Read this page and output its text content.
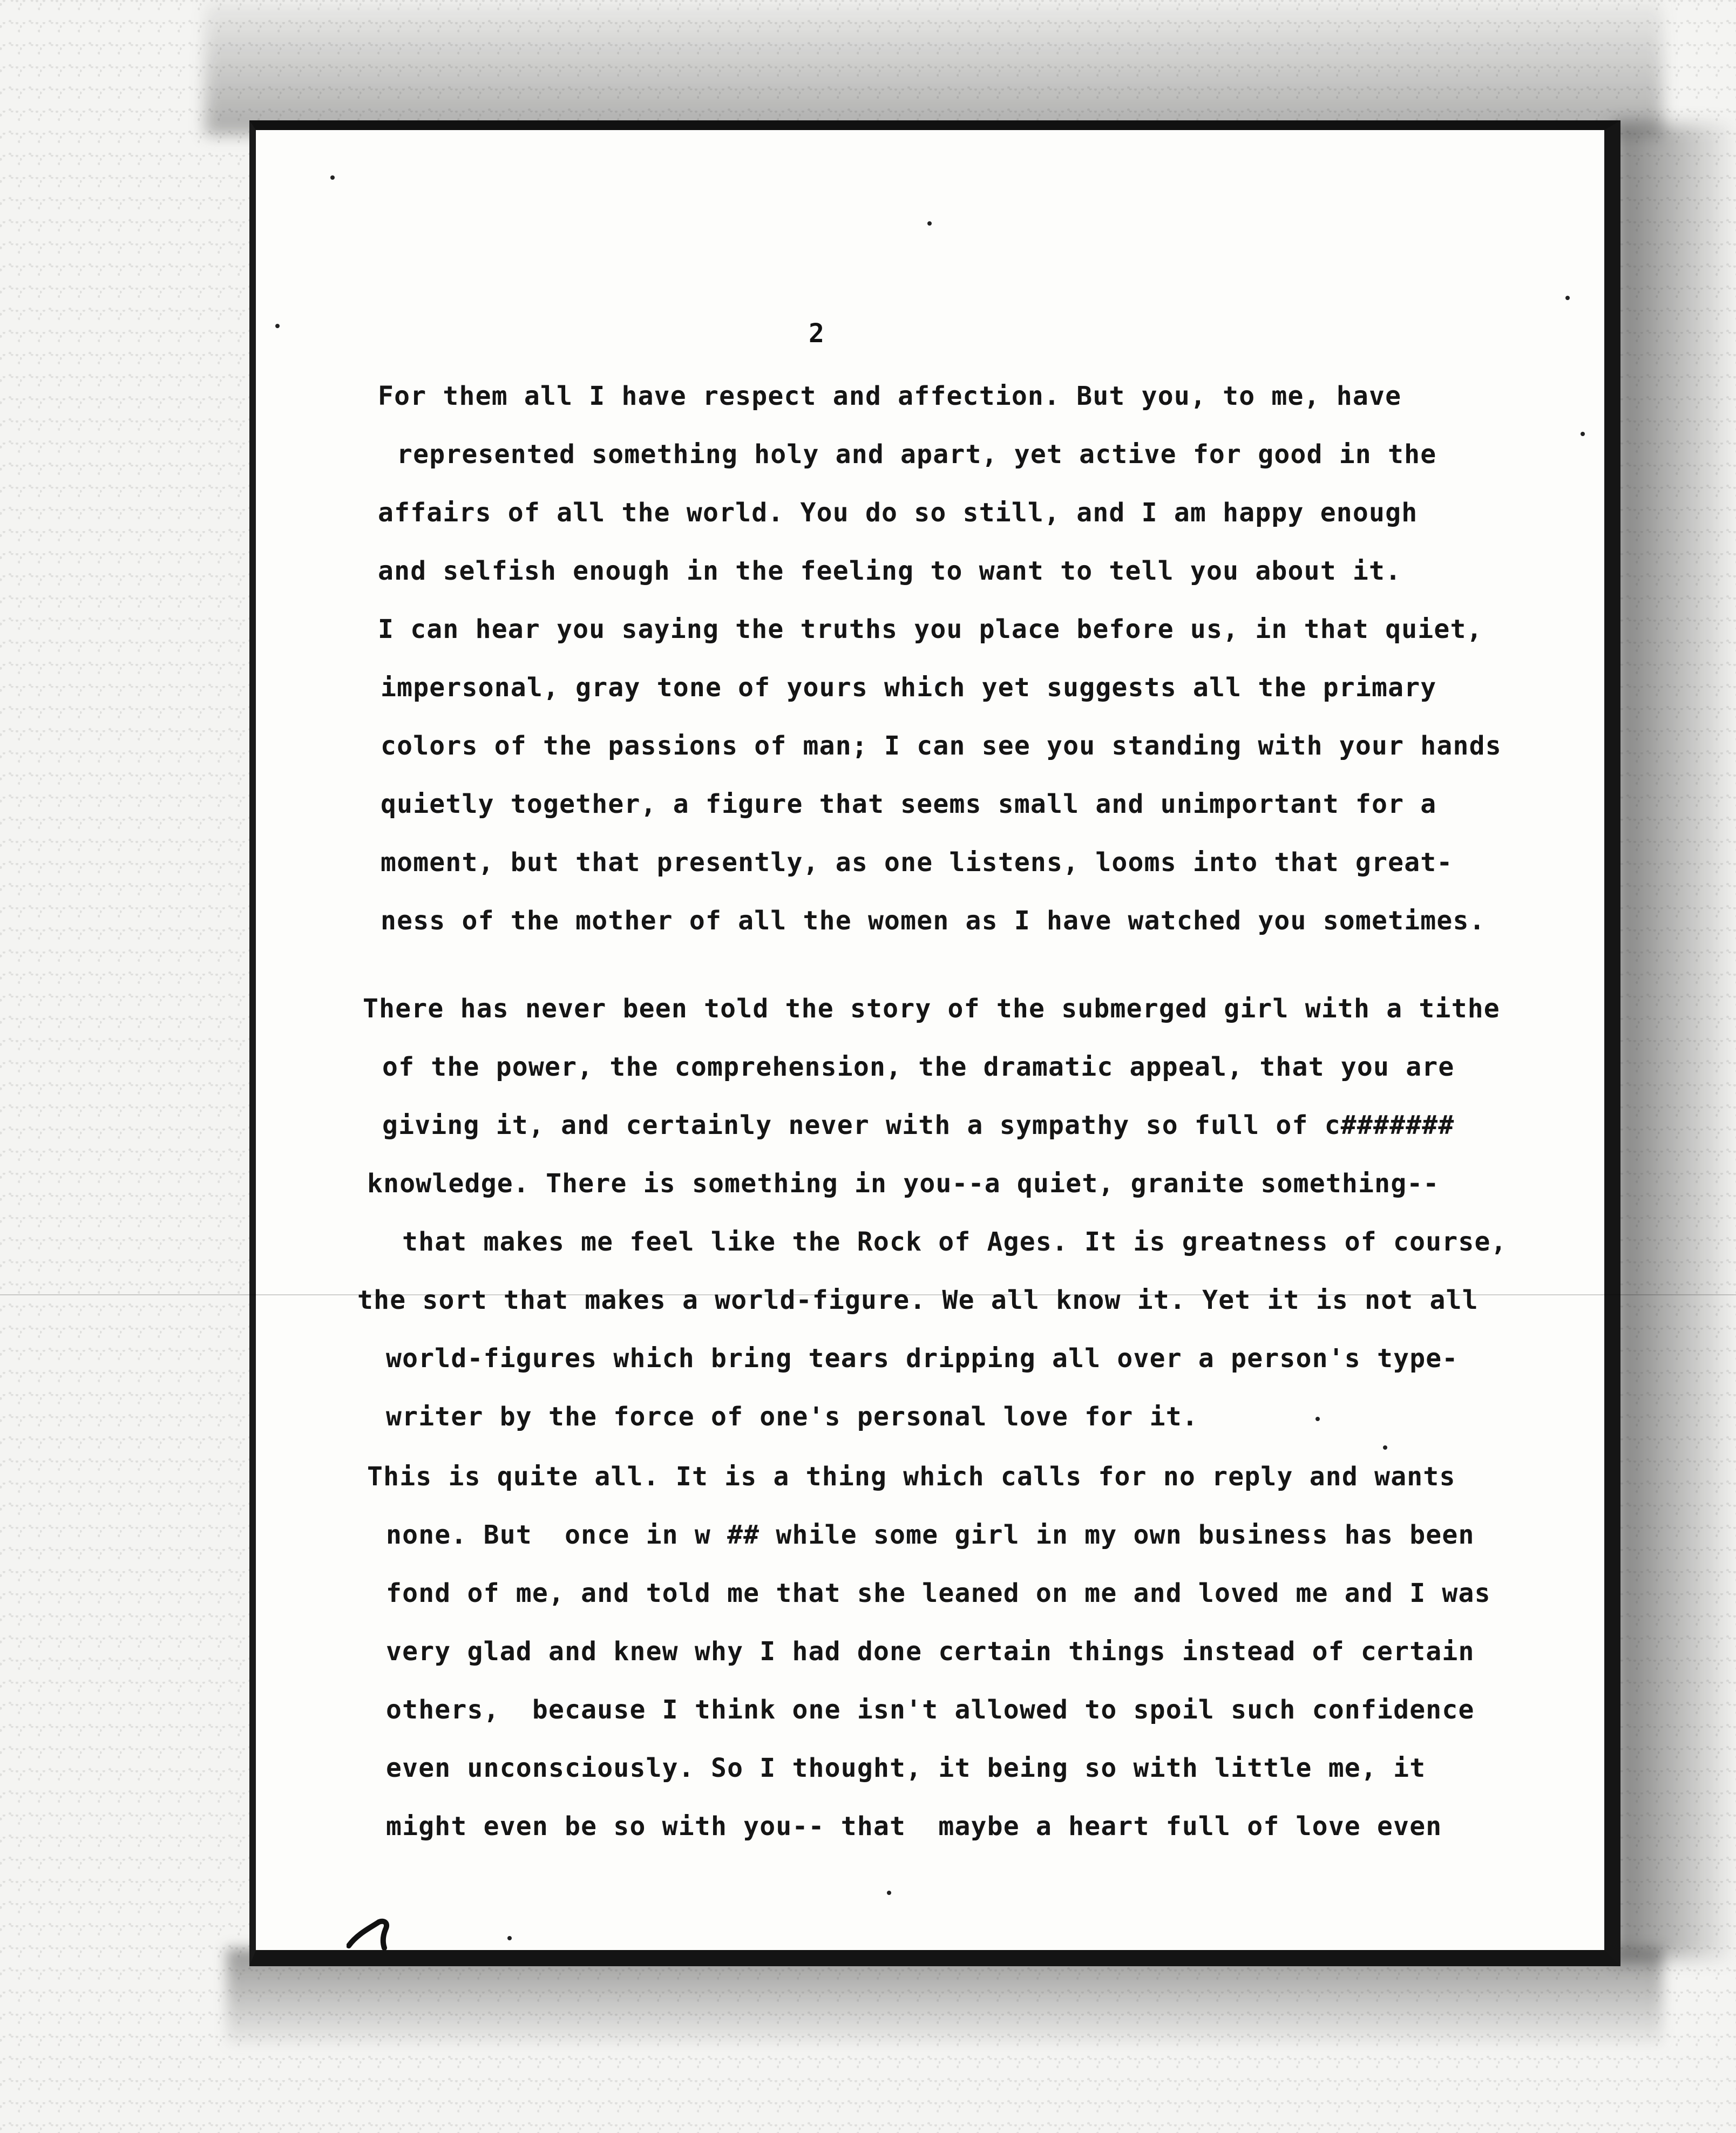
2
For them all I have respect and affection. But you, to me, have
represented something holy and apart, yet active for good in the
affairs of all the world. You do so still, and I am happy enough
and selfish enough in the feeling to want to tell you about it.
I can hear you saying the truths you place before us, in that quiet,
impersonal, gray tone of yours which yet suggests all the primary
colors of the passions of man; I can see you standing with your hands
quietly together, a figure that seems small and unimportant for a
moment, but that presently, as one listens, looms into that great-
ness of the mother of all the women as I have watched you sometimes.
There has never been told the story of the submerged girl with a tithe
of the power, the comprehension, the dramatic appeal, that you are
giving it, and certainly never with a sympathy so full of c#######
knowledge. There is something in you--a quiet, granite something--
that makes me feel like the Rock of Ages. It is greatness of course,
the sort that makes a world-figure. We all know it. Yet it is not all
world-figures which bring tears dripping all over a person's type-
writer by the force of one's personal love for it.
This is quite all. It is a thing which calls for no reply and wants
none. But  once in w ## while some girl in my own business has been
fond of me, and told me that she leaned on me and loved me and I was
very glad and knew why I had done certain things instead of certain
others,  because I think one isn't allowed to spoil such confidence
even unconsciously. So I thought, it being so with little me, it
might even be so with you-- that  maybe a heart full of love even
